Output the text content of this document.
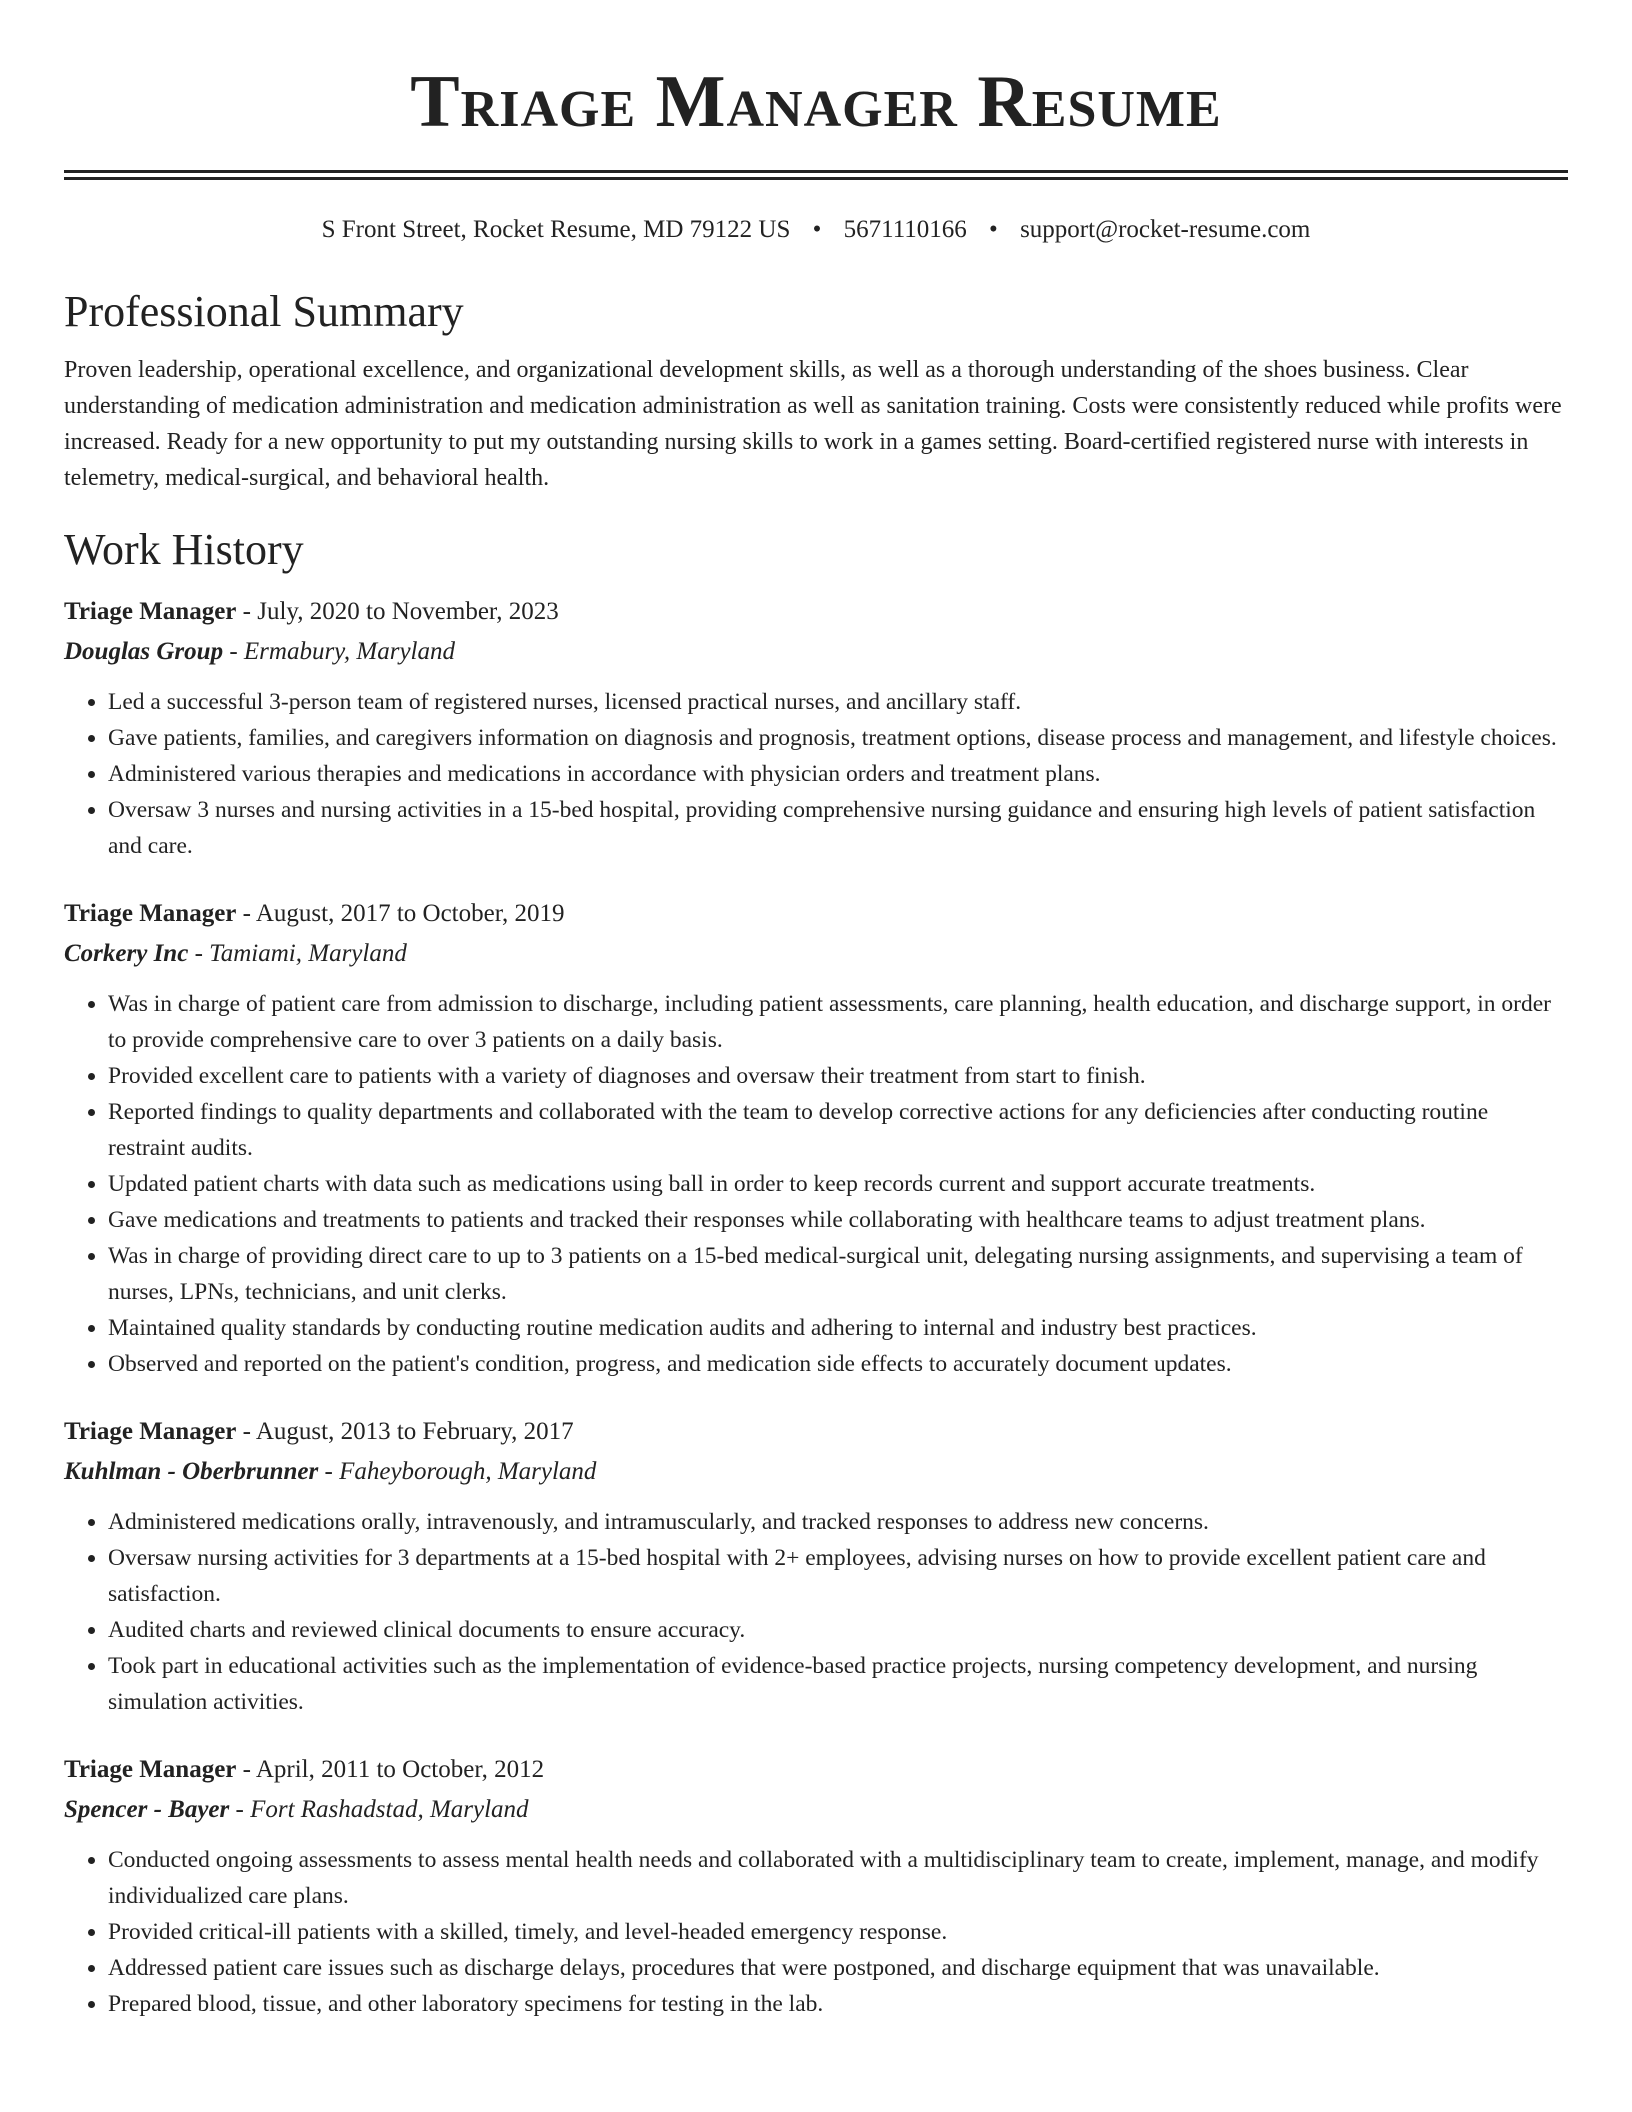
Triage Manager Resume
S Front Street, Rocket Resume, MD 79122 US • 5671110166 • support@rocket-resume.com
Professional Summary

Proven leadership, operational excellence, and organizational development skills, as well as a thorough understanding of the shoes business. Clear understanding of medication administration and medication administration as well as sanitation training. Costs were consistently reduced while profits were increased. Ready for a new opportunity to put my outstanding nursing skills to work in a games setting. Board-certified registered nurse with interests in telemetry, medical-surgical, and behavioral health.

Work History
Triage Manager - July, 2020 to November, 2023
Douglas Group - Ermabury, Maryland
• Led a successful 3-person team of registered nurses, licensed practical nurses, and ancillary staff.
• Gave patients, families, and caregivers information on diagnosis and prognosis, treatment options, disease process and management, and lifestyle choices.
• Administered various therapies and medications in accordance with physician orders and treatment plans.
• Oversaw 3 nurses and nursing activities in a 15-bed hospital, providing comprehensive nursing guidance and ensuring high levels of patient satisfaction and care.
Triage Manager - August, 2017 to October, 2019
Corkery Inc - Tamiami, Maryland
• Was in charge of patient care from admission to discharge, including patient assessments, care planning, health education, and discharge support, in order to provide comprehensive care to over 3 patients on a daily basis.
• Provided excellent care to patients with a variety of diagnoses and oversaw their treatment from start to finish.
• Reported findings to quality departments and collaborated with the team to develop corrective actions for any deficiencies after conducting routine restraint audits.
• Updated patient charts with data such as medications using ball in order to keep records current and support accurate treatments.
• Gave medications and treatments to patients and tracked their responses while collaborating with healthcare teams to adjust treatment plans.
• Was in charge of providing direct care to up to 3 patients on a 15-bed medical-surgical unit, delegating nursing assignments, and supervising a team of nurses, LPNs, technicians, and unit clerks.
• Maintained quality standards by conducting routine medication audits and adhering to internal and industry best practices.
• Observed and reported on the patient's condition, progress, and medication side effects to accurately document updates.
Triage Manager - August, 2013 to February, 2017
Kuhlman - Oberbrunner - Faheyborough, Maryland
• Administered medications orally, intravenously, and intramuscularly, and tracked responses to address new concerns.
• Oversaw nursing activities for 3 departments at a 15-bed hospital with 2+ employees, advising nurses on how to provide excellent patient care and satisfaction.
• Audited charts and reviewed clinical documents to ensure accuracy.
• Took part in educational activities such as the implementation of evidence-based practice projects, nursing competency development, and nursing simulation activities.
Triage Manager - April, 2011 to October, 2012
Spencer - Bayer - Fort Rashadstad, Maryland
• Conducted ongoing assessments to assess mental health needs and collaborated with a multidisciplinary team to create, implement, manage, and modify individualized care plans.
• Provided critical-ill patients with a skilled, timely, and level-headed emergency response.
• Addressed patient care issues such as discharge delays, procedures that were postponed, and discharge equipment that was unavailable.
• Prepared blood, tissue, and other laboratory specimens for testing in the lab.
